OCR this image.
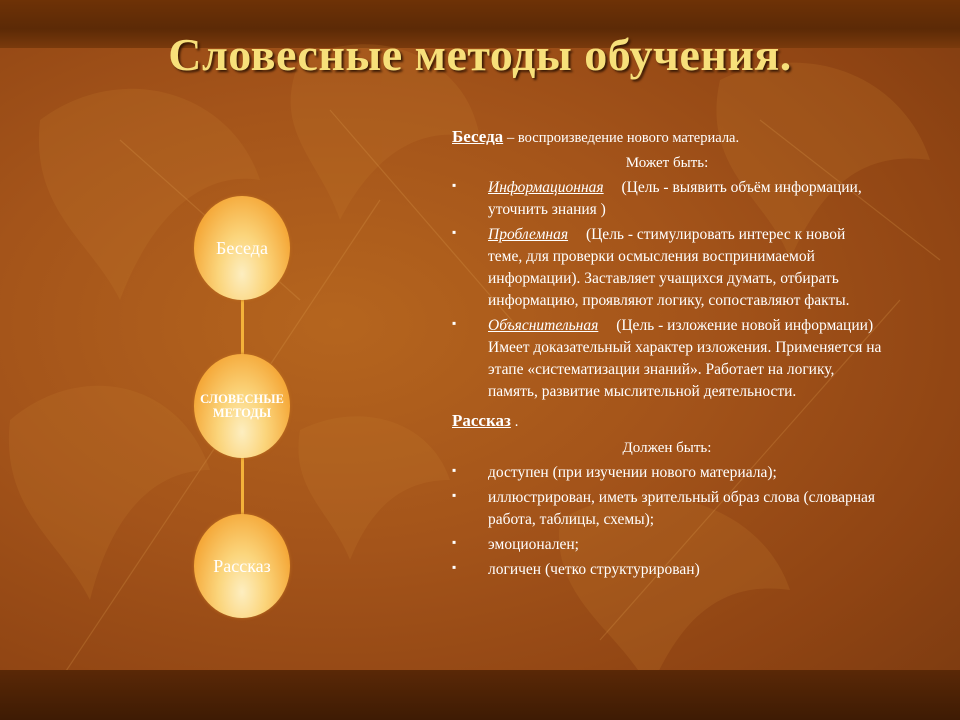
Словесные методы обучения.
Беседа
СЛОВЕСНЫЕ МЕТОДЫ
Рассказ

Беседа – воспроизведение нового материала.

Может быть:

▪ Информационная (Цель - выявить объём информации, уточнить знания )
▪ Проблемная (Цель - стимулировать интерес к новой теме, для проверки осмысления воспринимаемой информации). Заставляет учащихся думать, отбирать информацию, проявляют логику, сопоставляют факты.
▪ Объяснительная (Цель - изложение новой информации) Имеет доказательный характер изложения. Применяется на этапе «систематизации знаний». Работает на логику, память, развитие мыслительной деятельности.

Рассказ .

Должен быть:

▪ доступен (при изучении нового материала);
▪ иллюстрирован, иметь зрительный образ слова (словарная работа, таблицы, схемы);
▪ эмоционален;
▪ логичен (четко структурирован)
